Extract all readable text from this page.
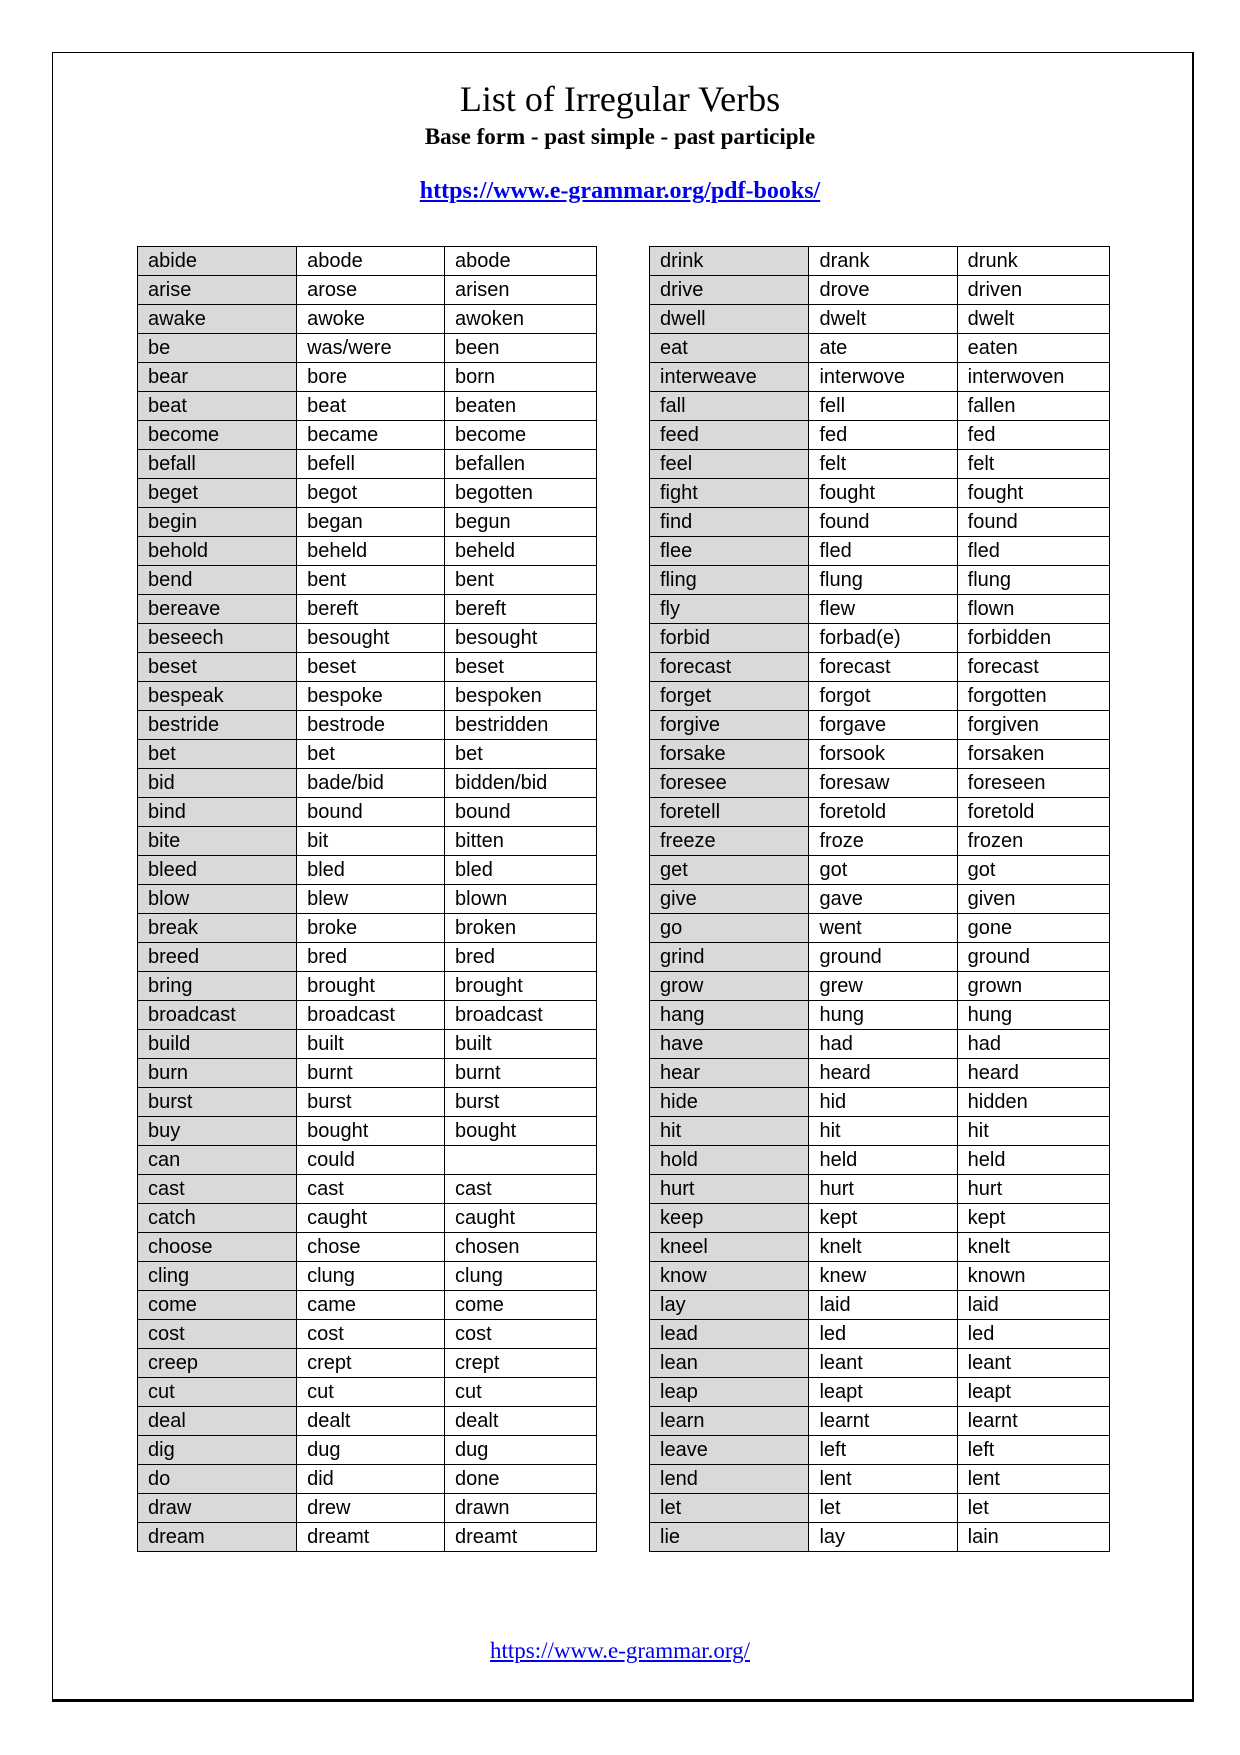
List of Irregular Verbs
Base form - past simple - past participle
https://www.e-grammar.org/pdf-books/
abide	abode	abode
arise	arose	arisen
awake	awoke	awoken
be	was/were	been
bear	bore	born
beat	beat	beaten
become	became	become
befall	befell	befallen
beget	begot	begotten
begin	began	begun
behold	beheld	beheld
bend	bent	bent
bereave	bereft	bereft
beseech	besought	besought
beset	beset	beset
bespeak	bespoke	bespoken
bestride	bestrode	bestridden
bet	bet	bet
bid	bade/bid	bidden/bid
bind	bound	bound
bite	bit	bitten
bleed	bled	bled
blow	blew	blown
break	broke	broken
breed	bred	bred
bring	brought	brought
broadcast	broadcast	broadcast
build	built	built
burn	burnt	burnt
burst	burst	burst
buy	bought	bought
can	could	
cast	cast	cast
catch	caught	caught
choose	chose	chosen
cling	clung	clung
come	came	come
cost	cost	cost
creep	crept	crept
cut	cut	cut
deal	dealt	dealt
dig	dug	dug
do	did	done
draw	drew	drawn
dream	dreamt	dreamt
drink	drank	drunk
drive	drove	driven
dwell	dwelt	dwelt
eat	ate	eaten
interweave	interwove	interwoven
fall	fell	fallen
feed	fed	fed
feel	felt	felt
fight	fought	fought
find	found	found
flee	fled	fled
fling	flung	flung
fly	flew	flown
forbid	forbad(e)	forbidden
forecast	forecast	forecast
forget	forgot	forgotten
forgive	forgave	forgiven
forsake	forsook	forsaken
foresee	foresaw	foreseen
foretell	foretold	foretold
freeze	froze	frozen
get	got	got
give	gave	given
go	went	gone
grind	ground	ground
grow	grew	grown
hang	hung	hung
have	had	had
hear	heard	heard
hide	hid	hidden
hit	hit	hit
hold	held	held
hurt	hurt	hurt
keep	kept	kept
kneel	knelt	knelt
know	knew	known
lay	laid	laid
lead	led	led
lean	leant	leant
leap	leapt	leapt
learn	learnt	learnt
leave	left	left
lend	lent	lent
let	let	let
lie	lay	lain
https://www.e-grammar.org/
